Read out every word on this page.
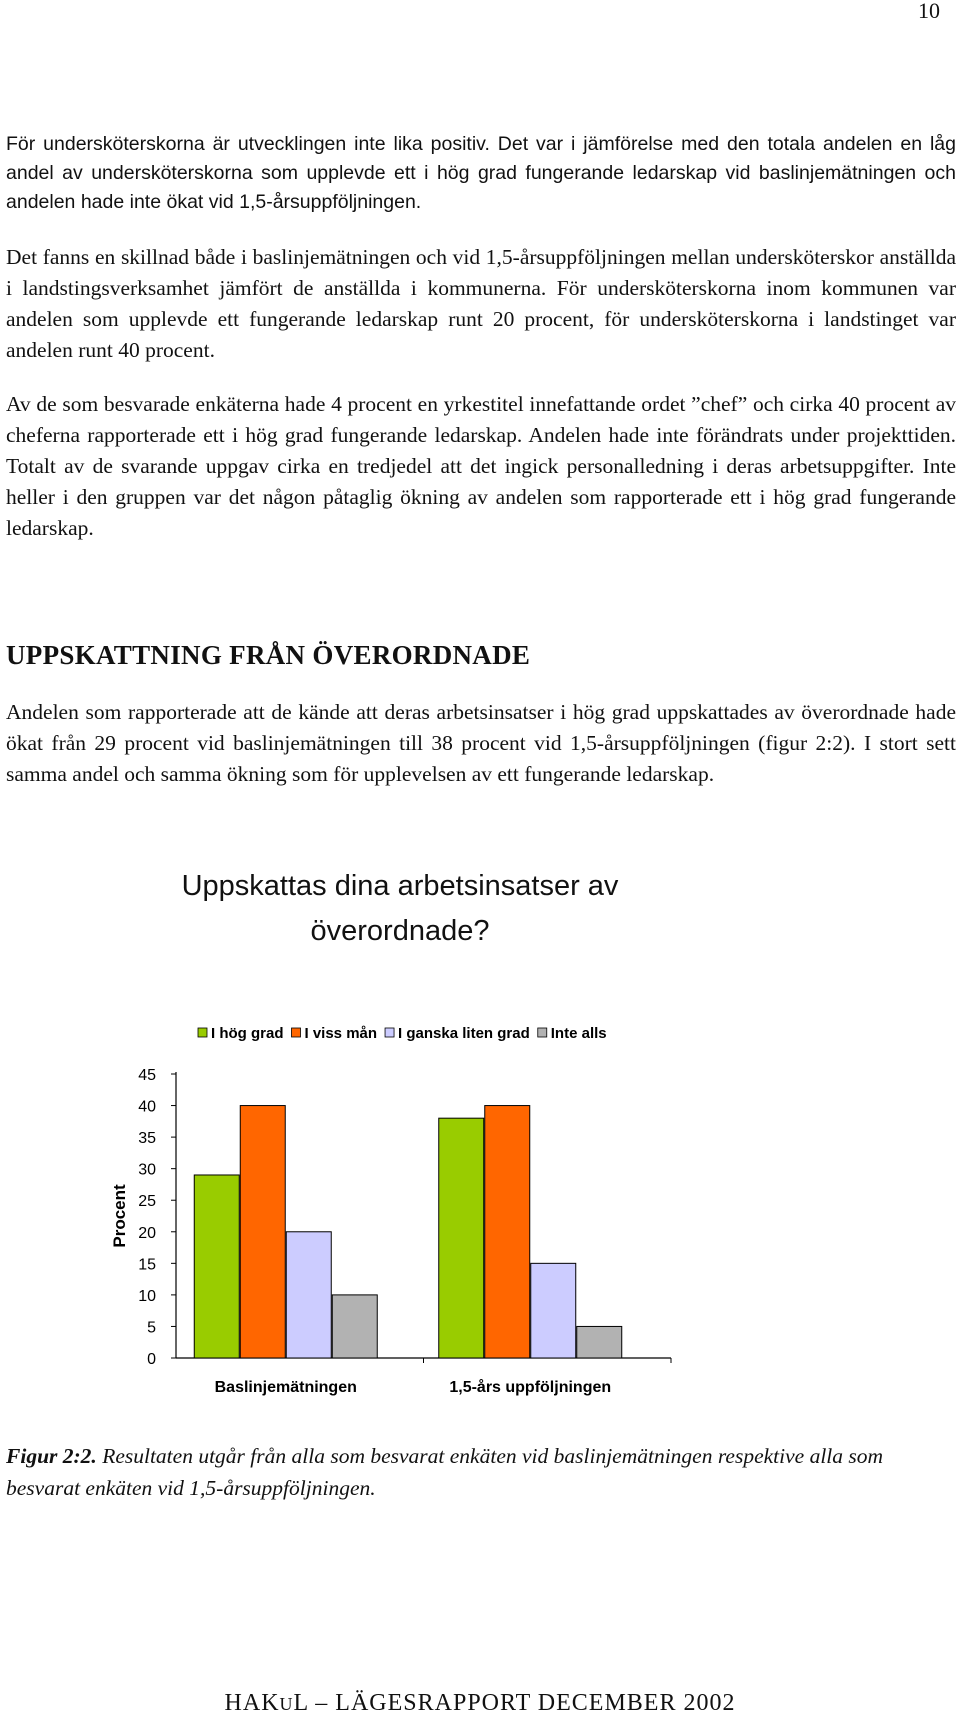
10

För undersköterskorna är utvecklingen inte lika positiv. Det var i jämförelse med den totala andelen en låg andel av undersköterskorna som upplevde ett i hög grad fungerande ledarskap vid baslinjemätningen och andelen hade inte ökat vid 1,5-årsuppföljningen.

Det fanns en skillnad både i baslinjemätningen och vid 1,5-årsuppföljningen mellan undersköterskor anställda i landstingsverksamhet jämfört de anställda i kommunerna. För undersköterskorna inom kommunen var andelen som upplevde ett fungerande ledarskap runt 20 procent, för undersköterskorna i landstinget var andelen runt 40 procent.

Av de som besvarade enkäterna hade 4 procent en yrkestitel innefattande ordet ”chef” och cirka 40 procent av cheferna rapporterade ett i hög grad fungerande ledarskap. Andelen hade inte förändrats under projekttiden. Totalt av de svarande uppgav cirka en tredjedel att det ingick personalledning i deras arbetsuppgifter. Inte heller i den gruppen var det någon påtaglig ökning av andelen som rapporterade ett i hög grad fungerande ledarskap.

UPPSKATTNING FRÅN ÖVERORDNADE

Andelen som rapporterade att de kände att deras arbetsinsatser i hög grad uppskattades av överordnade hade ökat från 29 procent vid baslinjemätningen till 38 procent vid 1,5-årsuppföljningen (figur 2:2). I stort sett samma andel och samma ökning som för upplevelsen av ett fungerande ledarskap.

Uppskattas dina arbetsinsatser av överordnade?
0
5
10
15
20
25
30
35
40
45
Baslinjemätningen	1,5-års uppföljningen
Procent
I hög grad I viss mån I ganska liten grad Inte alls

Figur 2:2. Resultaten utgår från alla som besvarat enkäten vid baslinjemätningen respektive alla som besvarat enkäten vid 1,5-årsuppföljningen.

HAKUL – LÄGESRAPPORT DECEMBER 2002
